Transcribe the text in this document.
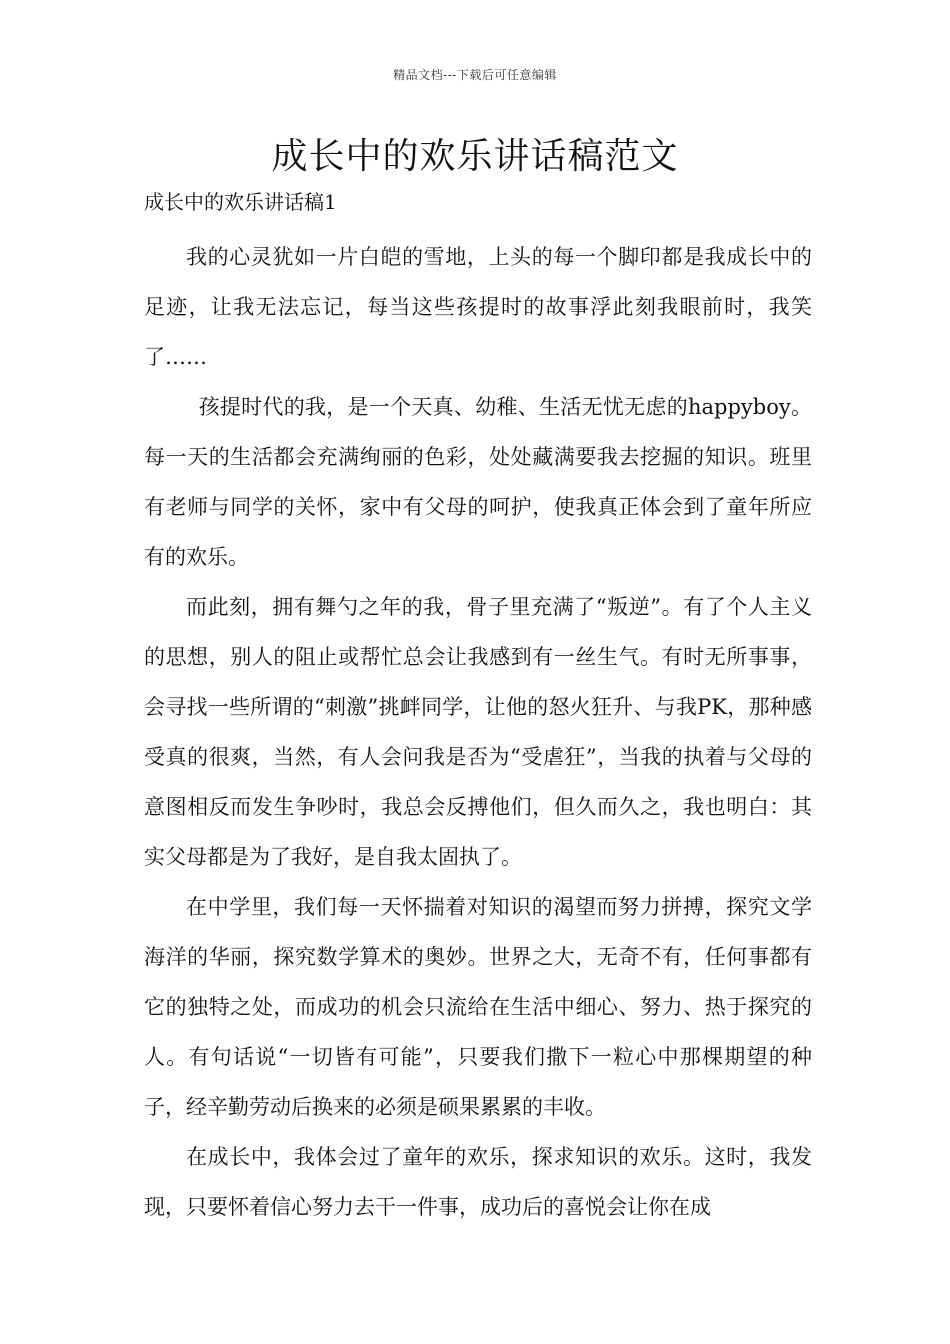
精品文档---下载后可任意编辑
成长中的欢乐讲话稿范文

成长中的欢乐讲话稿1

我的心灵犹如一片白皑的雪地，上头的每一个脚印都是我成长中的足迹，让我无法忘记，每当这些孩提时的故事浮此刻我眼前时，我笑了……

孩提时代的我，是一个天真、幼稚、生活无忧无虑的happyboy。每一天的生活都会充满绚丽的色彩，处处藏满要我去挖掘的知识。班里有老师与同学的关怀，家中有父母的呵护，使我真正体会到了童年所应有的欢乐。

而此刻，拥有舞勺之年的我，骨子里充满了“叛逆”。有了个人主义的思想，别人的阻止或帮忙总会让我感到有一丝生气。有时无所事事，会寻找一些所谓的“刺激”挑衅同学，让他的怒火狂升、与我PK，那种感受真的很爽，当然，有人会问我是否为“受虐狂”，当我的执着与父母的意图相反而发生争吵时，我总会反搏他们，但久而久之，我也明白：其实父母都是为了我好，是自我太固执了。

在中学里，我们每一天怀揣着对知识的渴望而努力拼搏，探究文学海洋的华丽，探究数学算术的奥妙。世界之大，无奇不有，任何事都有它的独特之处，而成功的机会只流给在生活中细心、努力、热于探究的人。有句话说“一切皆有可能”，只要我们撒下一粒心中那棵期望的种子，经辛勤劳动后换来的必须是硕果累累的丰收。

在成长中，我体会过了童年的欢乐，探求知识的欢乐。这时，我发现，只要怀着信心努力去干一件事，成功后的喜悦会让你在成
